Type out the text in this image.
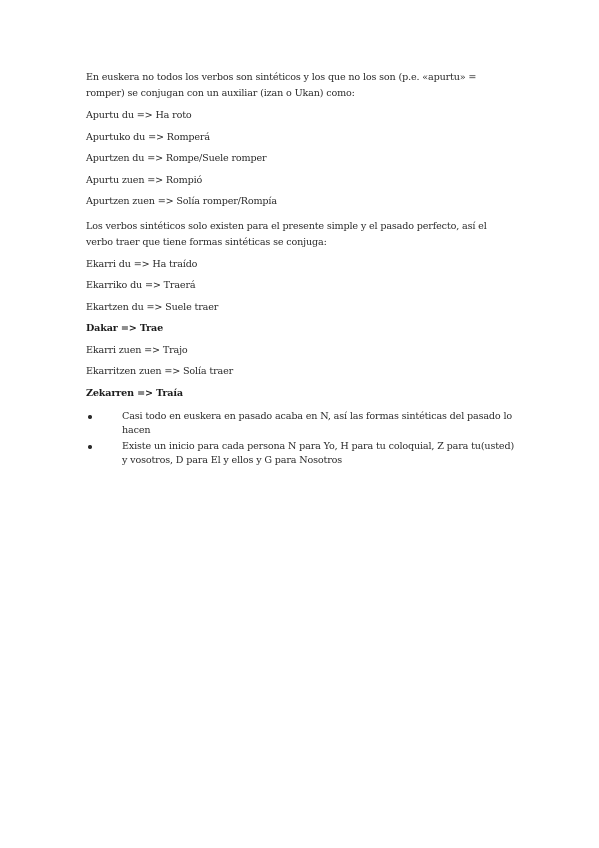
En euskera no todos los verbos son sintéticos y los que no los son (p.e. «apurtu» = romper) se conjugan con un auxiliar (izan o Ukan) como:

Apurtu du => Ha roto

Apurtuko du => Romperá

Apurtzen du => Rompe/Suele romper

Apurtu zuen => Rompió

Apurtzen zuen => Solía romper/Rompía

Los verbos sintéticos solo existen para el presente simple y el pasado perfecto, así el verbo traer que tiene formas sintéticas se conjuga:

Ekarri du => Ha traído

Ekarriko du => Traerá

Ekartzen du => Suele traer

Dakar => Trae

Ekarri zuen => Trajo

Ekarritzen zuen => Solía traer

Zekarren => Traía

Casi todo en euskera en pasado acaba en N, así las formas sintéticas del pasado lo hacen
Existe un inicio para cada persona N para Yo, H para tu coloquial, Z para tu(usted) y vosotros, D para El y ellos y G para Nosotros
